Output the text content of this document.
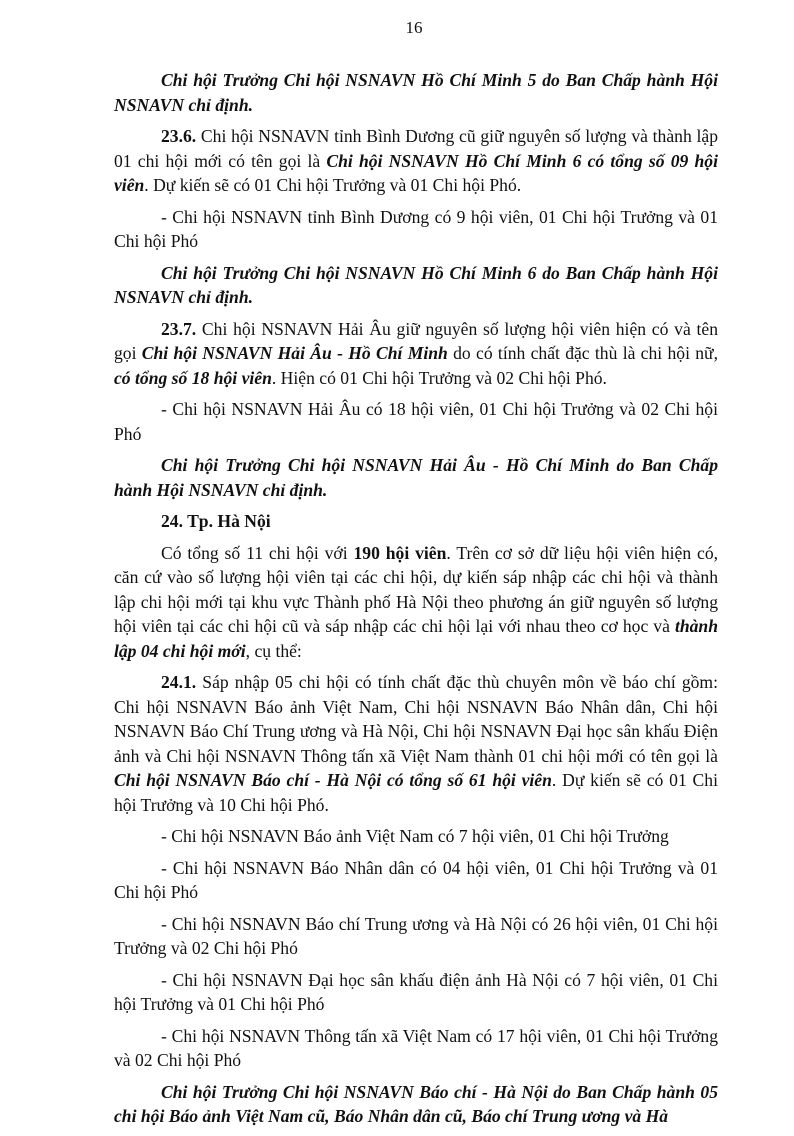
16

Chi hội Trưởng Chi hội NSNAVN Hồ Chí Minh 5 do Ban Chấp hành Hội NSNAVN chỉ định.

23.6. Chi hội NSNAVN tỉnh Bình Dương cũ giữ nguyên số lượng và thành lập 01 chi hội mới có tên gọi là Chi hội NSNAVN Hồ Chí Minh 6 có tổng số 09 hội viên. Dự kiến sẽ có 01 Chi hội Trưởng và 01 Chi hội Phó.

- Chi hội NSNAVN tỉnh Bình Dương có 9 hội viên, 01 Chi hội Trưởng và 01 Chi hội Phó

Chi hội Trưởng Chi hội NSNAVN Hồ Chí Minh 6 do Ban Chấp hành Hội NSNAVN chỉ định.

23.7. Chi hội NSNAVN Hải Âu giữ nguyên số lượng hội viên hiện có và tên gọi Chi hội NSNAVN Hải Âu - Hồ Chí Minh do có tính chất đặc thù là chi hội nữ, có tổng số 18 hội viên. Hiện có 01 Chi hội Trưởng và 02 Chi hội Phó.

- Chi hội NSNAVN Hải Âu có 18 hội viên, 01 Chi hội Trưởng và 02 Chi hội Phó

Chi hội Trưởng Chi hội NSNAVN Hải Âu - Hồ Chí Minh do Ban Chấp hành Hội NSNAVN chỉ định.

24. Tp. Hà Nội

Có tổng số 11 chi hội với 190 hội viên. Trên cơ sở dữ liệu hội viên hiện có, căn cứ vào số lượng hội viên tại các chi hội, dự kiến sáp nhập các chi hội và thành lập chi hội mới tại khu vực Thành phố Hà Nội theo phương án giữ nguyên số lượng hội viên tại các chi hội cũ và sáp nhập các chi hội lại với nhau theo cơ học và thành lập 04 chi hội mới, cụ thể:

24.1. Sáp nhập 05 chi hội có tính chất đặc thù chuyên môn về báo chí gồm: Chi hội NSNAVN Báo ảnh Việt Nam, Chi hội NSNAVN Báo Nhân dân, Chi hội NSNAVN Báo Chí Trung ương và Hà Nội, Chi hội NSNAVN Đại học sân khấu Điện ảnh và Chi hội NSNAVN Thông tấn xã Việt Nam thành 01 chi hội mới có tên gọi là Chi hội NSNAVN Báo chí - Hà Nội có tổng số 61 hội viên. Dự kiến sẽ có 01 Chi hội Trưởng và 10 Chi hội Phó.

- Chi hội NSNAVN Báo ảnh Việt Nam có 7 hội viên, 01 Chi hội Trưởng

- Chi hội NSNAVN Báo Nhân dân có 04 hội viên, 01 Chi hội Trưởng và 01 Chi hội Phó

- Chi hội NSNAVN Báo chí Trung ương và Hà Nội có 26 hội viên, 01 Chi hội Trưởng và 02 Chi hội Phó

- Chi hội NSNAVN Đại học sân khấu điện ảnh Hà Nội có 7 hội viên, 01 Chi hội Trưởng và 01 Chi hội Phó

- Chi hội NSNAVN Thông tấn xã Việt Nam có 17 hội viên, 01 Chi hội Trưởng và 02 Chi hội Phó

Chi hội Trưởng Chi hội NSNAVN Báo chí - Hà Nội do Ban Chấp hành 05 chi hội Báo ảnh Việt Nam cũ, Báo Nhân dân cũ, Báo chí Trung ương và Hà
